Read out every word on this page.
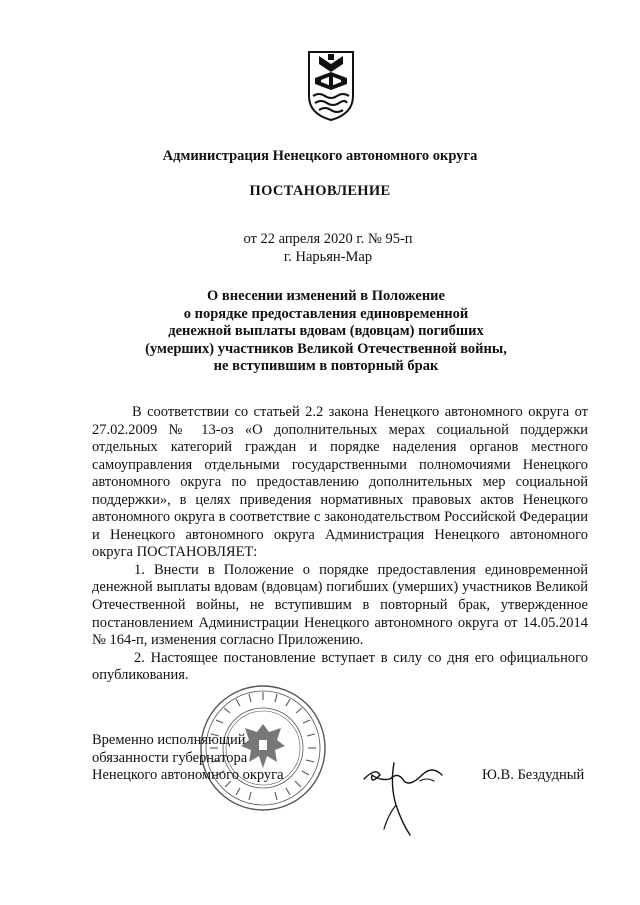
Администрация Ненецкого автономного округа
ПОСТАНОВЛЕНИЕ
от 22 апреля 2020 г. № 95-п
г. Нарьян-Мар
О внесении изменений в Положение
о порядке предоставления единовременной
денежной выплаты вдовам (вдовцам) погибших
(умерших) участников Великой Отечественной войны,
не вступившим в повторный брак

В соответствии со статьей 2.2 закона Ненецкого автономного округа от 27.02.2009 № 13-оз «О дополнительных мерах социальной поддержки отдельных категорий граждан и порядке наделения органов местного самоуправления отдельными государственными полномочиями Ненецкого автономного округа по предоставлению дополнительных мер социальной поддержки», в целях приведения нормативных правовых актов Ненецкого автономного округа в соответствие с законодательством Российской Федерации и Ненецкого автономного округа Администрация Ненецкого автономного округа ПОСТАНОВЛЯЕТ:

1. Внести в Положение о порядке предоставления единовременной денежной выплаты вдовам (вдовцам) погибших (умерших) участников Великой Отечественной войны, не вступившим в повторный брак, утвержденное постановлением Администрации Ненецкого автономного округа от 14.05.2014 № 164-п, изменения согласно Приложению.

2. Настоящее постановление вступает в силу со дня его официального опубликования.

Временно исполняющий
обязанности губернатора
Ненецкого автономного округа	Ю.В. Бездудный
